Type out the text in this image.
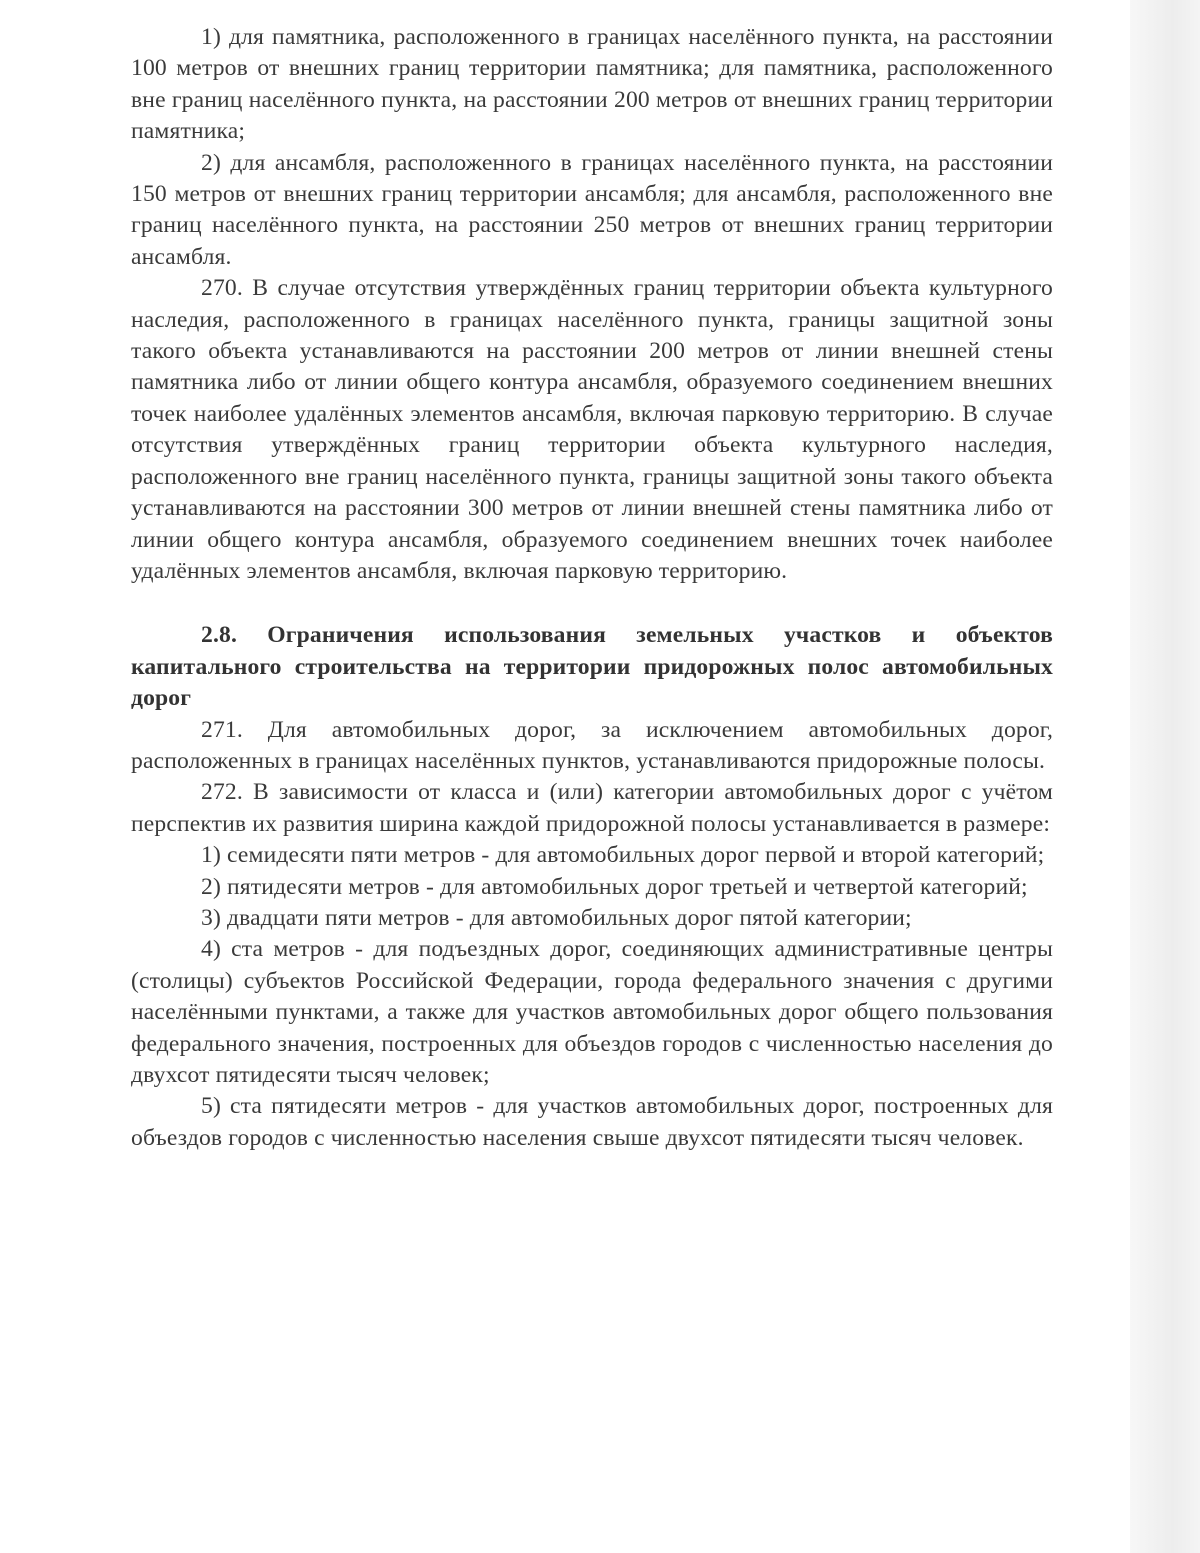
1) для памятника, расположенного в границах населённого пункта, на расстоянии 100 метров от внешних границ территории памятника; для памятника, расположенного вне границ населённого пункта, на расстоянии 200 метров от внешних границ территории памятника;

2) для ансамбля, расположенного в границах населённого пункта, на расстоянии 150 метров от внешних границ территории ансамбля; для ансамбля, расположенного вне границ населённого пункта, на расстоянии 250 метров от внешних границ территории ансамбля.

270. В случае отсутствия утверждённых границ территории объекта культурного наследия, расположенного в границах населённого пункта, границы защитной зоны такого объекта устанавливаются на расстоянии 200 метров от линии внешней стены памятника либо от линии общего контура ансамбля, образуемого соединением внешних точек наиболее удалённых элементов ансамбля, включая парковую территорию. В случае отсутствия утверждённых границ территории объекта культурного наследия, расположенного вне границ населённого пункта, границы защитной зоны такого объекта устанавливаются на расстоянии 300 метров от линии внешней стены памятника либо от линии общего контура ансамбля, образуемого соединением внешних точек наиболее удалённых элементов ансамбля, включая парковую территорию.

2.8. Ограничения использования земельных участков и объектов капитального строительства на территории придорожных полос автомобильных дорог

271. Для автомобильных дорог, за исключением автомобильных дорог, расположенных в границах населённых пунктов, устанавливаются придорожные полосы.

272. В зависимости от класса и (или) категории автомобильных дорог с учётом перспектив их развития ширина каждой придорожной полосы устанавливается в размере:

1) семидесяти пяти метров - для автомобильных дорог первой и второй категорий;

2) пятидесяти метров - для автомобильных дорог третьей и четвертой категорий;

3) двадцати пяти метров - для автомобильных дорог пятой категории;

4) ста метров - для подъездных дорог, соединяющих административные центры (столицы) субъектов Российской Федерации, города федерального значения с другими населёнными пунктами, а также для участков автомобильных дорог общего пользования федерального значения, построенных для объездов городов с численностью населения до двухсот пятидесяти тысяч человек;

5) ста пятидесяти метров - для участков автомобильных дорог, построенных для объездов городов с численностью населения свыше двухсот пятидесяти тысяч человек.
